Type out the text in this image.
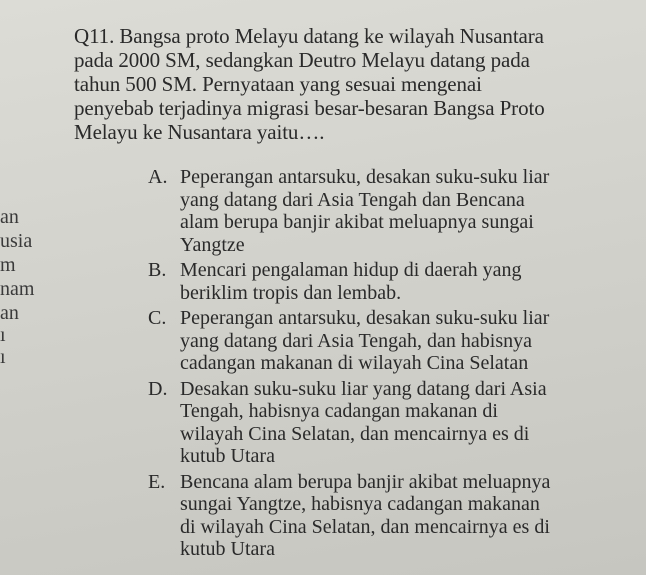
Q11. Bangsa proto Melayu datang ke wilayah Nusantara
pada 2000 SM, sedangkan Deutro Melayu datang pada
tahun 500 SM. Pernyataan yang sesuai mengenai
penyebab terjadinya migrasi besar-besaran Bangsa Proto
Melayu ke Nusantara yaitu….
A. Peperangan antarsuku, desakan suku-suku liar
yang datang dari Asia Tengah dan Bencana
alam berupa banjir akibat meluapnya sungai
Yangtze
B. Mencari pengalaman hidup di daerah yang
beriklim tropis dan lembab.
C. Peperangan antarsuku, desakan suku-suku liar
yang datang dari Asia Tengah, dan habisnya
cadangan makanan di wilayah Cina Selatan
D. Desakan suku-suku liar yang datang dari Asia
Tengah, habisnya cadangan makanan di
wilayah Cina Selatan, dan mencairnya es di
kutub Utara
E. Bencana alam berupa banjir akibat meluapnya
sungai Yangtze, habisnya cadangan makanan
di wilayah Cina Selatan, dan mencairnya es di
kutub Utara
an
usia
m
nam
an
ı
ı
